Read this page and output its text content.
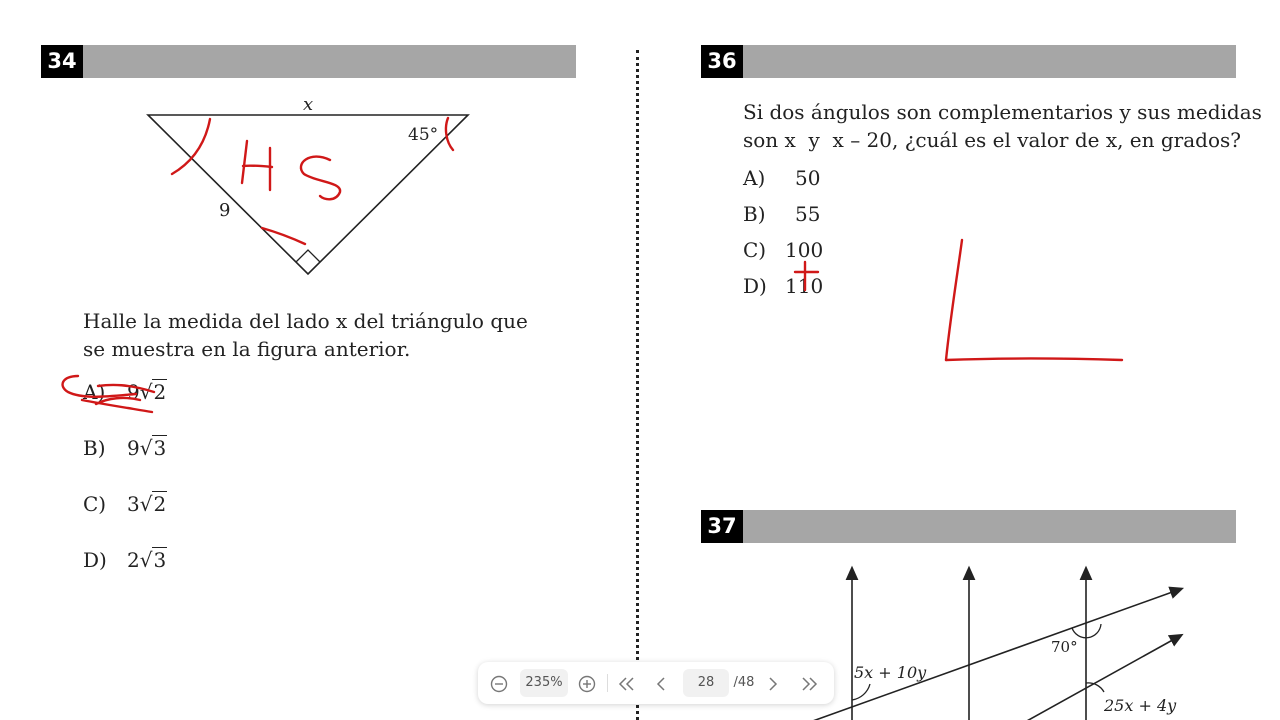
34	36
37
x
45°
9
Halle la medida del lado x del triángulo que se muestra en la figura anterior.
A) 9√2
B) 9√3
C) 3√2
D) 2√3
Si dos ángulos son complementarios y sus medidas
son x  y  x – 20, ¿cuál es el valor de x, en grados?
A) 50
B) 55
C) 100
D) 110
70°
5x + 10y
25x + 4y
235%	28	/48
